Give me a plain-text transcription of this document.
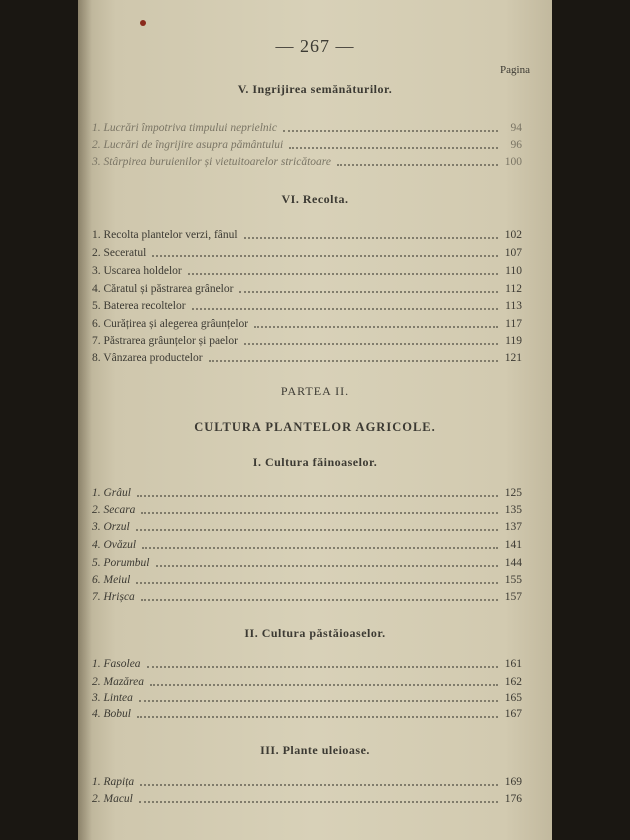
— 267 —
Pagina
V. Ingrijirea semănăturilor.
1. Lucrări împotriva timpului neprielnic	94
2. Lucrări de îngrijire asupra pământului	96
3. Stârpirea buruienilor și vietuitoarelor stricătoare	100
VI. Recolta.
1. Recolta plantelor verzi, fânul	102
2. Seceratul	107
3. Uscarea holdelor	110
4. Căratul și păstrarea grânelor	112
5. Baterea recoltelor	113
6. Curățirea și alegerea grâunțelor	117
7. Păstrarea grâunțelor și paelor	119
8. Vânzarea productelor	121
PARTEA II.
CULTURA PLANTELOR AGRICOLE.
I. Cultura făinoaselor.
1. Grâul	125
2. Secara	135
3. Orzul	137
4. Ovăzul	141
5. Porumbul	144
6. Meiul	155
7. Hrișca	157
II. Cultura păstăioaselor.
1. Fasolea	161
2. Mazărea	162
3. Lintea	165
4. Bobul	167
III. Plante uleioase.
1. Rapița	169
2. Macul	176
